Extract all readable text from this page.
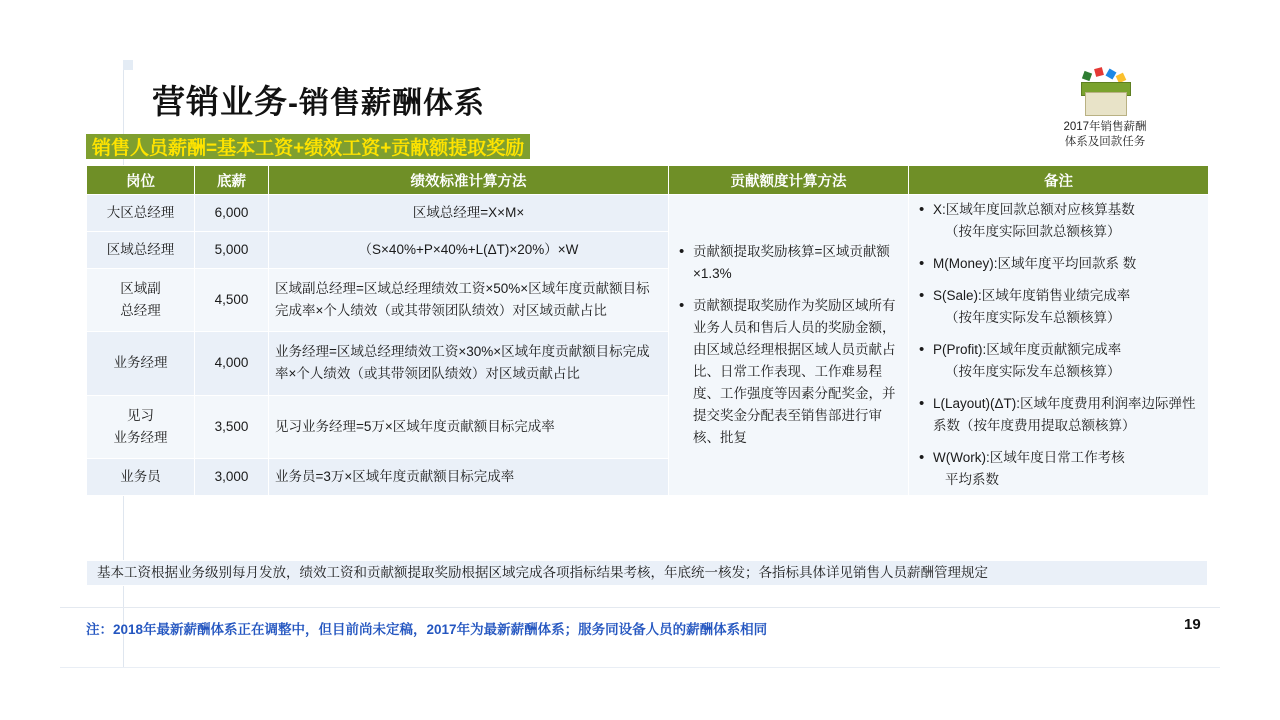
营销业务-销售薪酬体系
2017年销售薪酬
体系及回款任务
销售人员薪酬=基本工资+绩效工资+贡献额提取奖励
岗位	底薪	绩效标准计算方法	贡献额度计算方法	备注
大区总经理	6,000	区域总经理=X×M×	
• 贡献额提取奖励核算=区域贡献额×1.3%
• 贡献额提取奖励作为奖励区域所有业务人员和售后人员的奖励金额，由区域总经理根据区域人员贡献占比、日常工作表现、工作难易程度、工作强度等因素分配奖金，并提交奖金分配表至销售部进行审核、批复

• X:区域年度回款总额对应核算基数
（按年度实际回款总额核算）
• M(Money):区域年度平均回款系 数
• S(Sale):区域年度销售业绩完成率
（按年度实际发车总额核算）
• P(Profit):区域年度贡献额完成率
（按年度实际发车总额核算）
• L(Layout)(ΔT):区域年度费用利润率边际弹性系数（按年度费用提取总额核算）
• W(Work):区域年度日常工作考核
平均系数

区域总经理	5,000	（S×40%+P×40%+L(ΔT)×20%）×W		

区域副
总经理	4,500	区域副总经理=区域总经理绩效工资×50%×区域年度贡献额目标完成率×个人绩效（或其带领团队绩效）对区域贡献占比		
业务经理	4,000	业务经理=区域总经理绩效工资×30%×区域年度贡献额目标完成率×个人绩效（或其带领团队绩效）对区域贡献占比		

见习
业务经理	3,500	见习业务经理=5万×区域年度贡献额目标完成率		
业务员	3,000	业务员=3万×区域年度贡献额目标完成率		
基本工资根据业务级别每月发放，绩效工资和贡献额提取奖励根据区域完成各项指标结果考核，年底统一核发；各指标具体详见销售人员薪酬管理规定
注：2018年最新薪酬体系正在调整中，但目前尚未定稿，2017年为最新薪酬体系；服务同设备人员的薪酬体系相同	19
